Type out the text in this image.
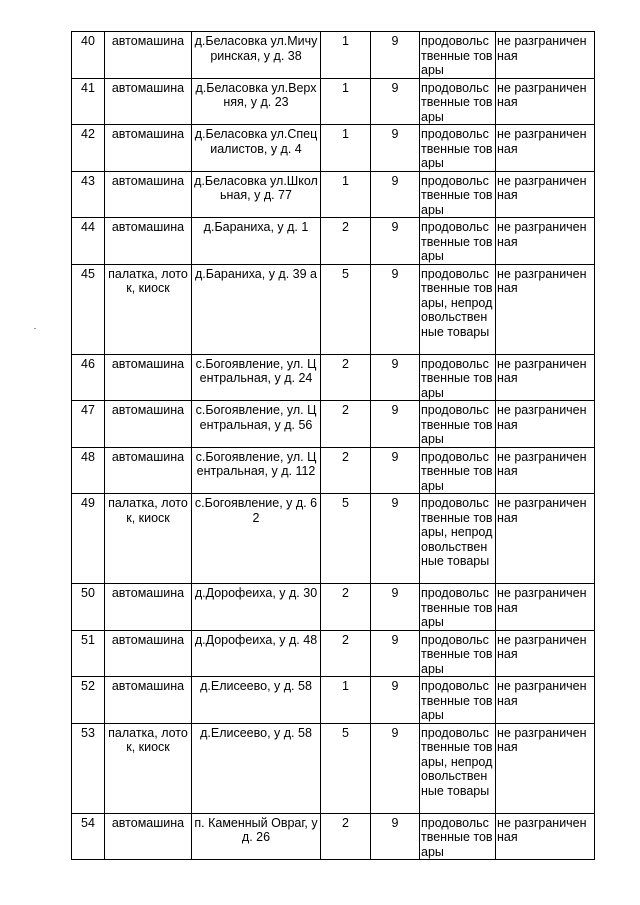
40	автомашина	д.Беласовка ул.Мичуринская, у д. 38	1	9	продовольственные товары	не разграниченная
41	автомашина	д.Беласовка ул.Верхняя, у д. 23	1	9	продовольственные товары	не разграниченная
42	автомашина	д.Беласовка ул.Специалистов, у д. 4	1	9	продовольственные товары	не разграниченная
43	автомашина	д.Беласовка ул.Школьная, у д. 77	1	9	продовольственные товары	не разграниченная
44	автомашина	д.Бараниха, у д. 1	2	9	продовольственные товары	не разграниченная
45	палатка, лоток, киоск	д.Бараниха, у д. 39 а	5	9	продовольственные товары, непродовольственные товары	не разграниченная
46	автомашина	с.Богоявление, ул. Центральная, у д. 24	2	9	продовольственные товары	не разграниченная
47	автомашина	с.Богоявление, ул. Центральная, у д. 56	2	9	продовольственные товары	не разграниченная
48	автомашина	с.Богоявление, ул. Центральная, у д. 112	2	9	продовольственные товары	не разграниченная
49	палатка, лоток, киоск	с.Богоявление, у д. 62	5	9	продовольственные товары, непродовольственные товары	не разграниченная
50	автомашина	д.Дорофеиха, у д. 30	2	9	продовольственные товары	не разграниченная
51	автомашина	д.Дорофеиха, у д. 48	2	9	продовольственные товары	не разграниченная
52	автомашина	д.Елисеево, у д. 58	1	9	продовольственные товары	не разграниченная
53	палатка, лоток, киоск	д.Елисеево, у д. 58	5	9	продовольственные товары, непродовольственные товары	не разграниченная
54	автомашина	п. Каменный Овраг, у д. 26	2	9	продовольственные товары	не разграниченная
